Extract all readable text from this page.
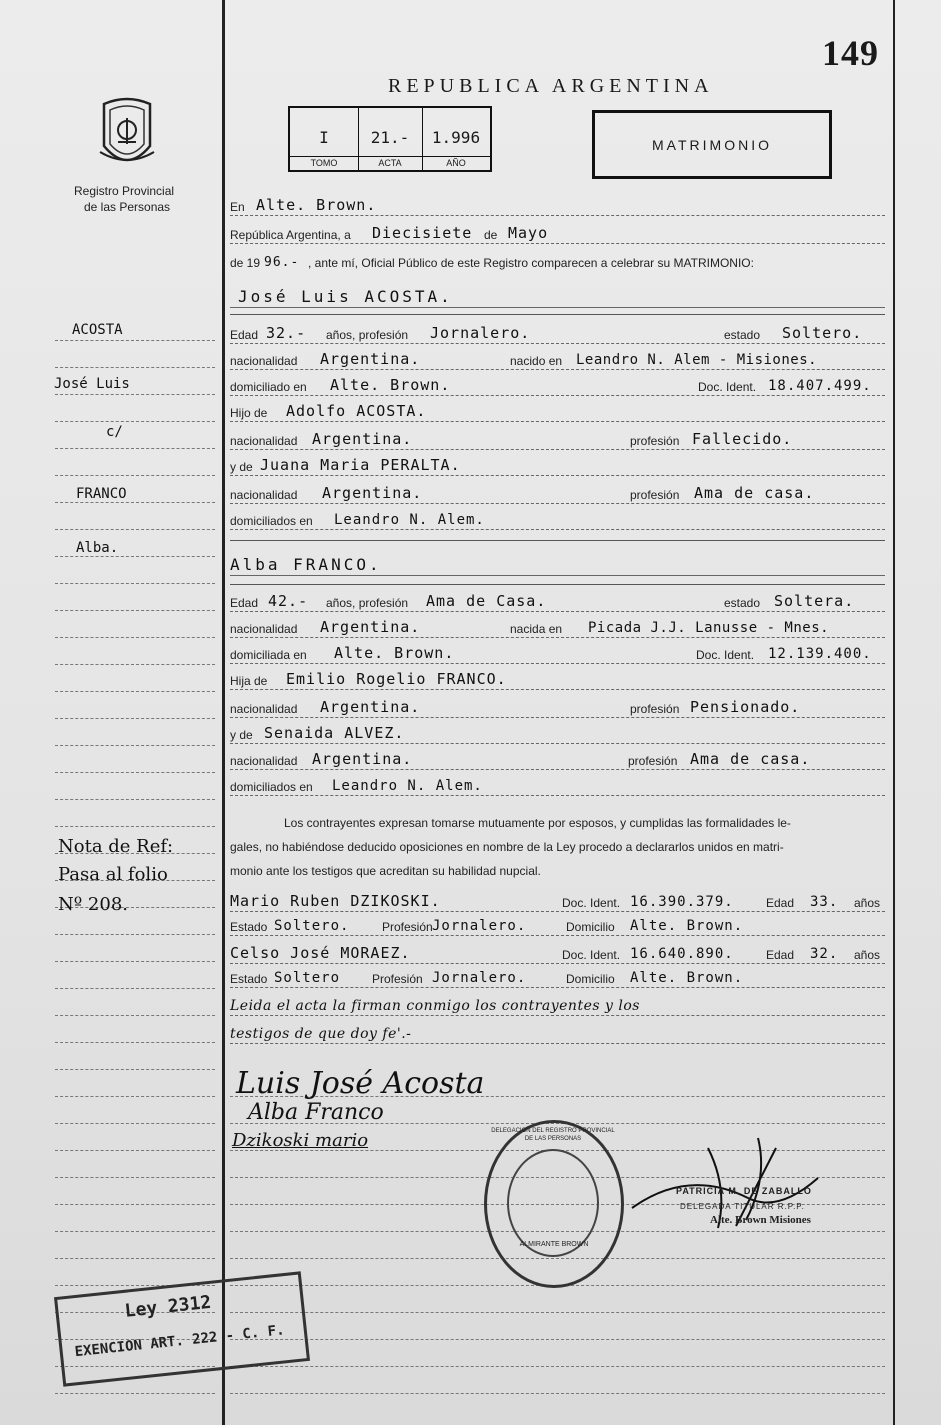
149
REPUBLICA ARGENTINA
MATRIMONIO
I
TOMO
21.-
ACTA
1.996
AÑO
Registro Provincial
de las Personas	En Alte. Brown.
República Argentina, a Diecisiete de Mayo
de 19 96.- , ante mí, Oficial Público de este Registro comparecen a celebrar su MATRIMONIO:
José Luis ACOSTA.
Edad 32.- años, profesión Jornalero.	estado Soltero.
nacionalidad Argentina.	nacido en Leandro N. Alem - Misiones.
domiciliado en Alte. Brown.	Doc. Ident. 18.407.499.
Hijo de Adolfo ACOSTA.
nacionalidad Argentina.	profesión Fallecido.
y de Juana Maria PERALTA.
nacionalidad Argentina.	profesión Ama de casa.
domiciliados en Leandro N. Alem.
Alba FRANCO.
Edad 42.- años, profesión Ama de Casa.	estado Soltera.
nacionalidad Argentina.	nacida en Picada J.J. Lanusse - Mnes.
domiciliada en Alte. Brown.	Doc. Ident. 12.139.400.
Hija de Emilio Rogelio FRANCO.
nacionalidad Argentina.	profesión Pensionado.
y de Senaida ALVEZ.
nacionalidad Argentina.	profesión Ama de casa.
domiciliados en Leandro N. Alem.
Los contrayentes expresan tomarse mutuamente por esposos, y cumplidas las formalidades le-
gales, no habiéndose deducido oposiciones en nombre de la Ley procedo a declararlos unidos en matri-
monio ante los testigos que acreditan su habilidad nupcial.
Mario Ruben DZIKOSKI.	Doc. Ident. 16.390.379.	Edad 33. años
Estado Soltero.	Profesión Jornalero.	Domicilio Alte. Brown.
Celso José MORAEZ.	Doc. Ident. 16.640.890.	Edad 32. años
Estado Soltero	Profesión Jornalero.	Domicilio Alte. Brown.
Leida el acta la firman conmigo los contrayentes y los
testigos de que doy fe'.-
ACOSTA
José Luis
c/
FRANCO
Alba.
Nota de Ref:
Pasa al folio
Nº 208.
Luis José Acosta
Alba Franco
Dzikoski mario	DELEGACION DEL REGISTRO PROVINCIAL DE LAS PERSONAS
ALMIRANTE BROWN
PATRICIA M. DE ZABALLO
DELEGADA TITULAR R.P.P.
Alte. Brown Misiones
Ley 2312
EXENCION ART. 222 - C. F.
